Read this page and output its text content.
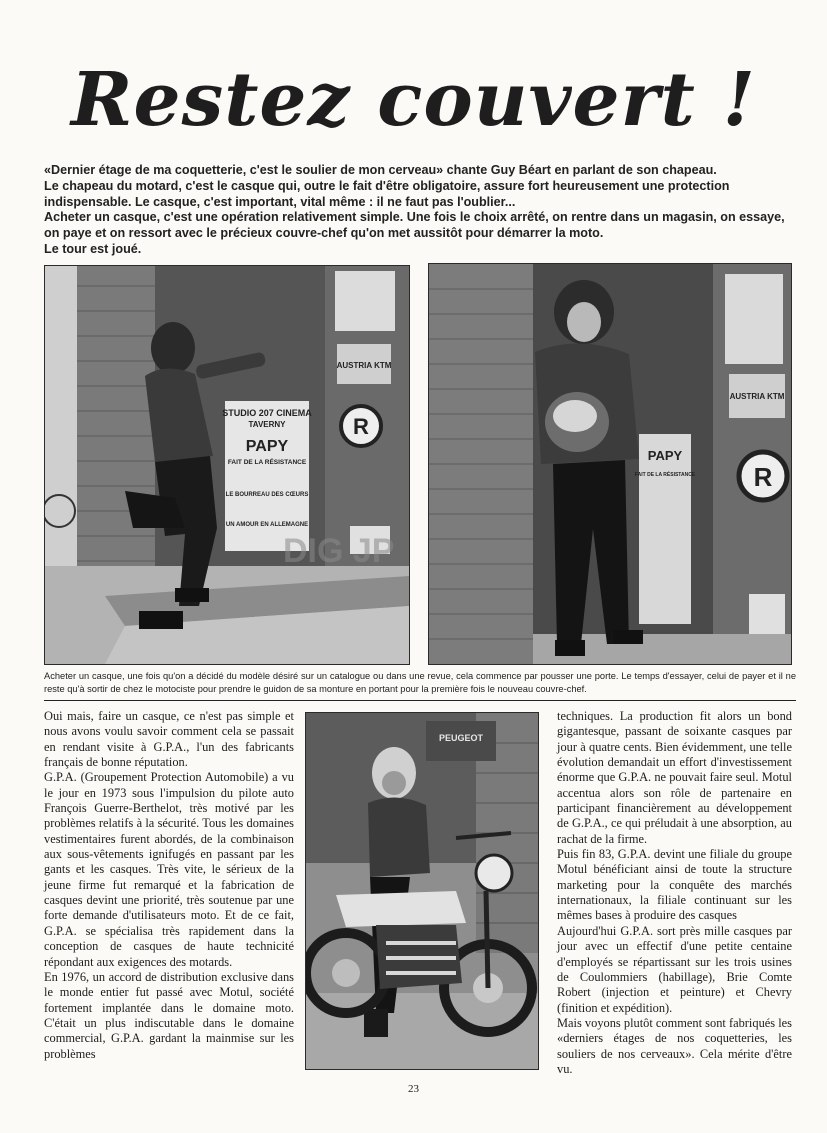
Restez couvert !

«Dernier étage de ma coquetterie, c'est le soulier de mon cerveau» chante Guy Béart en parlant de son chapeau.

Le chapeau du motard, c'est le casque qui, outre le fait d'être obligatoire, assure fort heureusement une protection indispensable. Le casque, c'est important, vital même : il ne faut pas l'oublier...

Acheter un casque, c'est une opération relativement simple. Une fois le choix arrêté, on rentre dans un magasin, on essaye, on paye et on ressort avec le précieux couvre-chef qu'on met aussitôt pour démarrer la moto.

Le tour est joué.

STUDIO 207 CINEMA
TAVERNY
PAPY
FAIT DE LA RÉSISTANCE
LE BOURREAU DES CŒURS
UN AMOUR EN ALLEMAGNE
AUSTRIA KTM
R
DIG JP
PAPY
FAIT DE LA RÉSISTANCE
AUSTRIA KTM
R
Acheter un casque, une fois qu'on a décidé du modèle désiré sur un catalogue ou dans une revue, cela commence par pousser une porte. Le temps d'essayer, celui de payer et il ne reste qu'à sortir de chez le motociste pour prendre le guidon de sa monture en portant pour la première fois le nouveau couvre-chef.

Oui mais, faire un casque, ce n'est pas simple et nous avons voulu savoir comment cela se passait en rendant visite à G.P.A., l'un des fabricants français de bonne réputation.

G.P.A. (Groupement Protection Automobile) a vu le jour en 1973 sous l'impulsion du pilote auto François Guerre-Berthelot, très motivé par les problèmes relatifs à la sécurité. Tous les domaines vestimentaires furent abordés, de la combinaison aux sous-vêtements ignifugés en passant par les gants et les casques. Très vite, le sérieux de la jeune firme fut remarqué et la fabrication de casques devint une priorité, très soutenue par une forte demande d'utilisateurs moto. Et de ce fait, G.P.A. se spécialisa très rapidement dans la conception de casques de haute technicité répondant aux exigences des motards.

En 1976, un accord de distribution exclusive dans le monde entier fut passé avec Motul, société fortement implantée dans le domaine moto. C'était un plus indiscutable dans le domaine commercial, G.P.A. gardant la mainmise sur les problèmes

PEUGEOT

techniques. La production fit alors un bond gigantesque, passant de soixante casques par jour à quatre cents. Bien évidemment, une telle évolution demandait un effort d'investissement énorme que G.P.A. ne pouvait faire seul. Motul accentua alors son rôle de partenaire en participant financièrement au développement de G.P.A., ce qui préludait à une absorption, au rachat de la firme.

Puis fin 83, G.P.A. devint une filiale du groupe Motul bénéficiant ainsi de toute la structure marketing pour la conquête des marchés internationaux, la filiale continuant sur les mêmes bases à produire des casques

Aujourd'hui G.P.A. sort près mille casques par jour avec un effectif d'une petite centaine d'employés se répartissant sur les trois usines de Coulommiers (habillage), Brie Comte Robert (injection et peinture) et Chevry (finition et expédition).

Mais voyons plutôt comment sont fabriqués les «derniers étages de nos coquetteries, les souliers de nos cerveaux». Cela mérite d'être vu.

23
